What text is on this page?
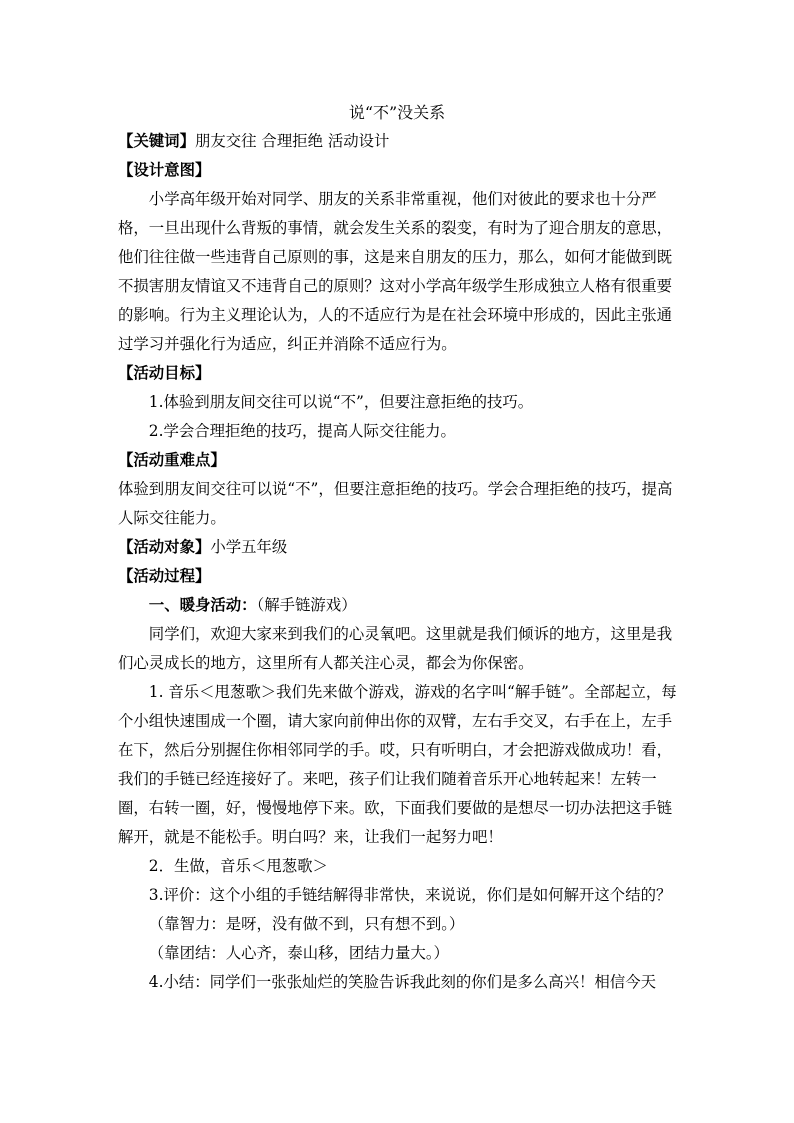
说“不”没关系

【关键词】朋友交往 合理拒绝 活动设计

【设计意图】

小学高年级开始对同学、朋友的关系非常重视，他们对彼此的要求也十分严格，一旦出现什么背叛的事情，就会发生关系的裂变，有时为了迎合朋友的意思，他们往往做一些违背自己原则的事，这是来自朋友的压力，那么，如何才能做到既不损害朋友情谊又不违背自己的原则？这对小学高年级学生形成独立人格有很重要的影响。行为主义理论认为，人的不适应行为是在社会环境中形成的，因此主张通过学习并强化行为适应，纠正并消除不适应行为。

【活动目标】

1.体验到朋友间交往可以说“不”，但要注意拒绝的技巧。

2.学会合理拒绝的技巧，提高人际交往能力。

【活动重难点】

体验到朋友间交往可以说“不”，但要注意拒绝的技巧。学会合理拒绝的技巧，提高人际交往能力。

【活动对象】小学五年级

【活动过程】

一、暖身活动：（解手链游戏）

同学们，欢迎大家来到我们的心灵氧吧。这里就是我们倾诉的地方，这里是我们心灵成长的地方，这里所有人都关注心灵，都会为你保密。

1. 音乐＜甩葱歌＞我们先来做个游戏，游戏的名字叫“解手链”。全部起立，每个小组快速围成一个圈，请大家向前伸出你的双臂，左右手交叉，右手在上，左手在下，然后分别握住你相邻同学的手。哎，只有听明白，才会把游戏做成功！看，我们的手链已经连接好了。来吧，孩子们让我们随着音乐开心地转起来！左转一圈，右转一圈，好，慢慢地停下来。欧，下面我们要做的是想尽一切办法把这手链解开，就是不能松手。明白吗？来，让我们一起努力吧！

2．生做，音乐＜甩葱歌＞

3.评价：这个小组的手链结解得非常快，来说说，你们是如何解开这个结的？

（靠智力：是呀，没有做不到，只有想不到。）

（靠团结：人心齐，泰山移，团结力量大。）

4.小结：同学们一张张灿烂的笑脸告诉我此刻的你们是多么高兴！相信今天
